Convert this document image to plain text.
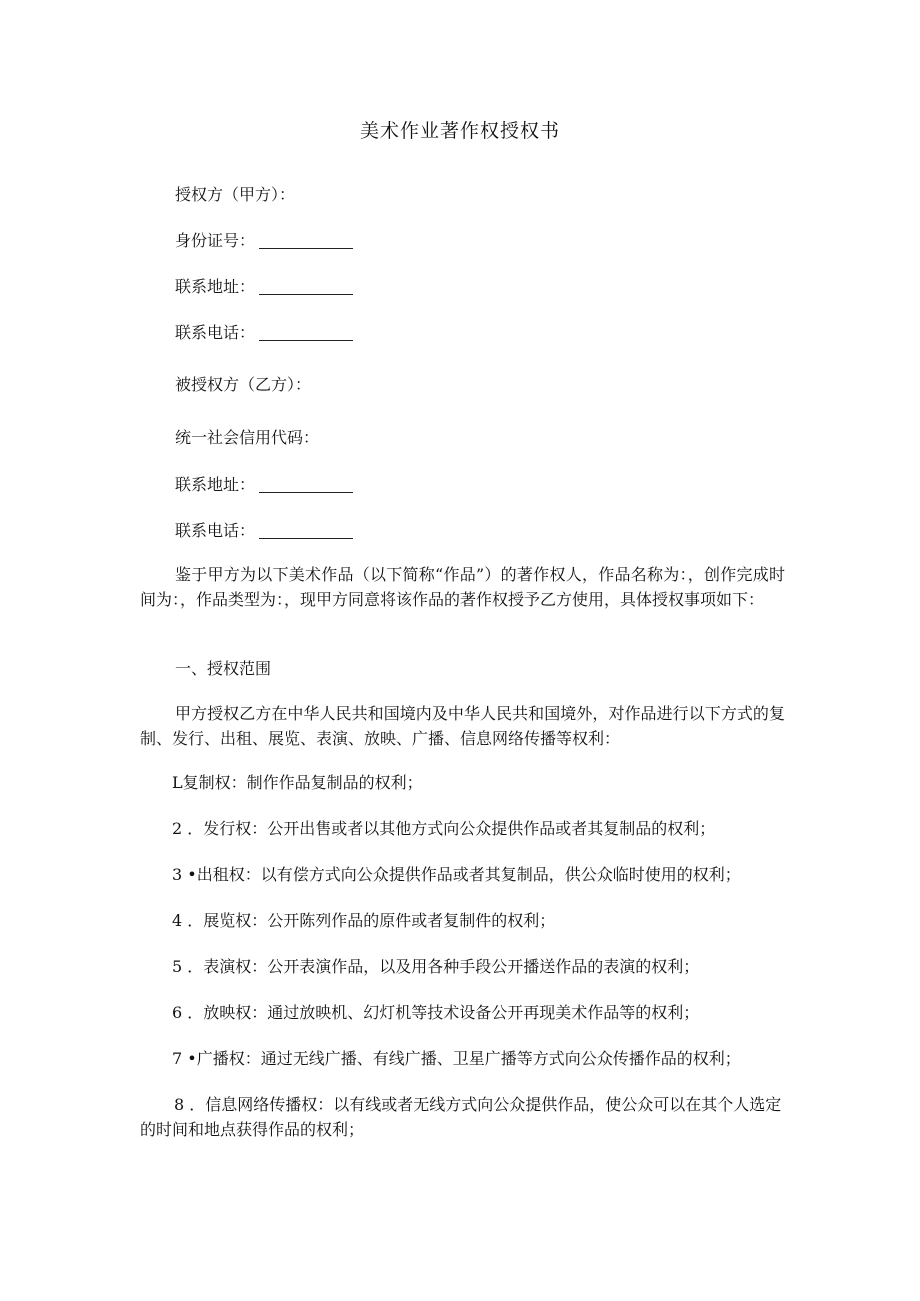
美术作业著作权授权书
授权方（甲方）：
身份证号：
联系地址：
联系电话：
被授权方（乙方）：
统一社会信用代码：
联系地址：
联系电话：

鉴于甲方为以下美术作品（以下简称“作品”）的著作权人，作品名称为：，创作完成时间为：，作品类型为：，现甲方同意将该作品的著作权授予乙方使用，具体授权事项如下：

一、授权范围

甲方授权乙方在中华人民共和国境内及中华人民共和国境外，对作品进行以下方式的复制、发行、出租、展览、表演、放映、广播、信息网络传播等权利：

L复制权：制作作品复制品的权利；
2 ．发行权：公开出售或者以其他方式向公众提供作品或者其复制品的权利；
3 •出租权：以有偿方式向公众提供作品或者其复制品，供公众临时使用的权利；
4 ．展览权：公开陈列作品的原件或者复制件的权利；
5 ．表演权：公开表演作品，以及用各种手段公开播送作品的表演的权利；
6 ．放映权：通过放映机、幻灯机等技术设备公开再现美术作品等的权利；
7 •广播权：通过无线广播、有线广播、卫星广播等方式向公众传播作品的权利；

8 ．信息网络传播权：以有线或者无线方式向公众提供作品，使公众可以在其个人选定的时间和地点获得作品的权利；
